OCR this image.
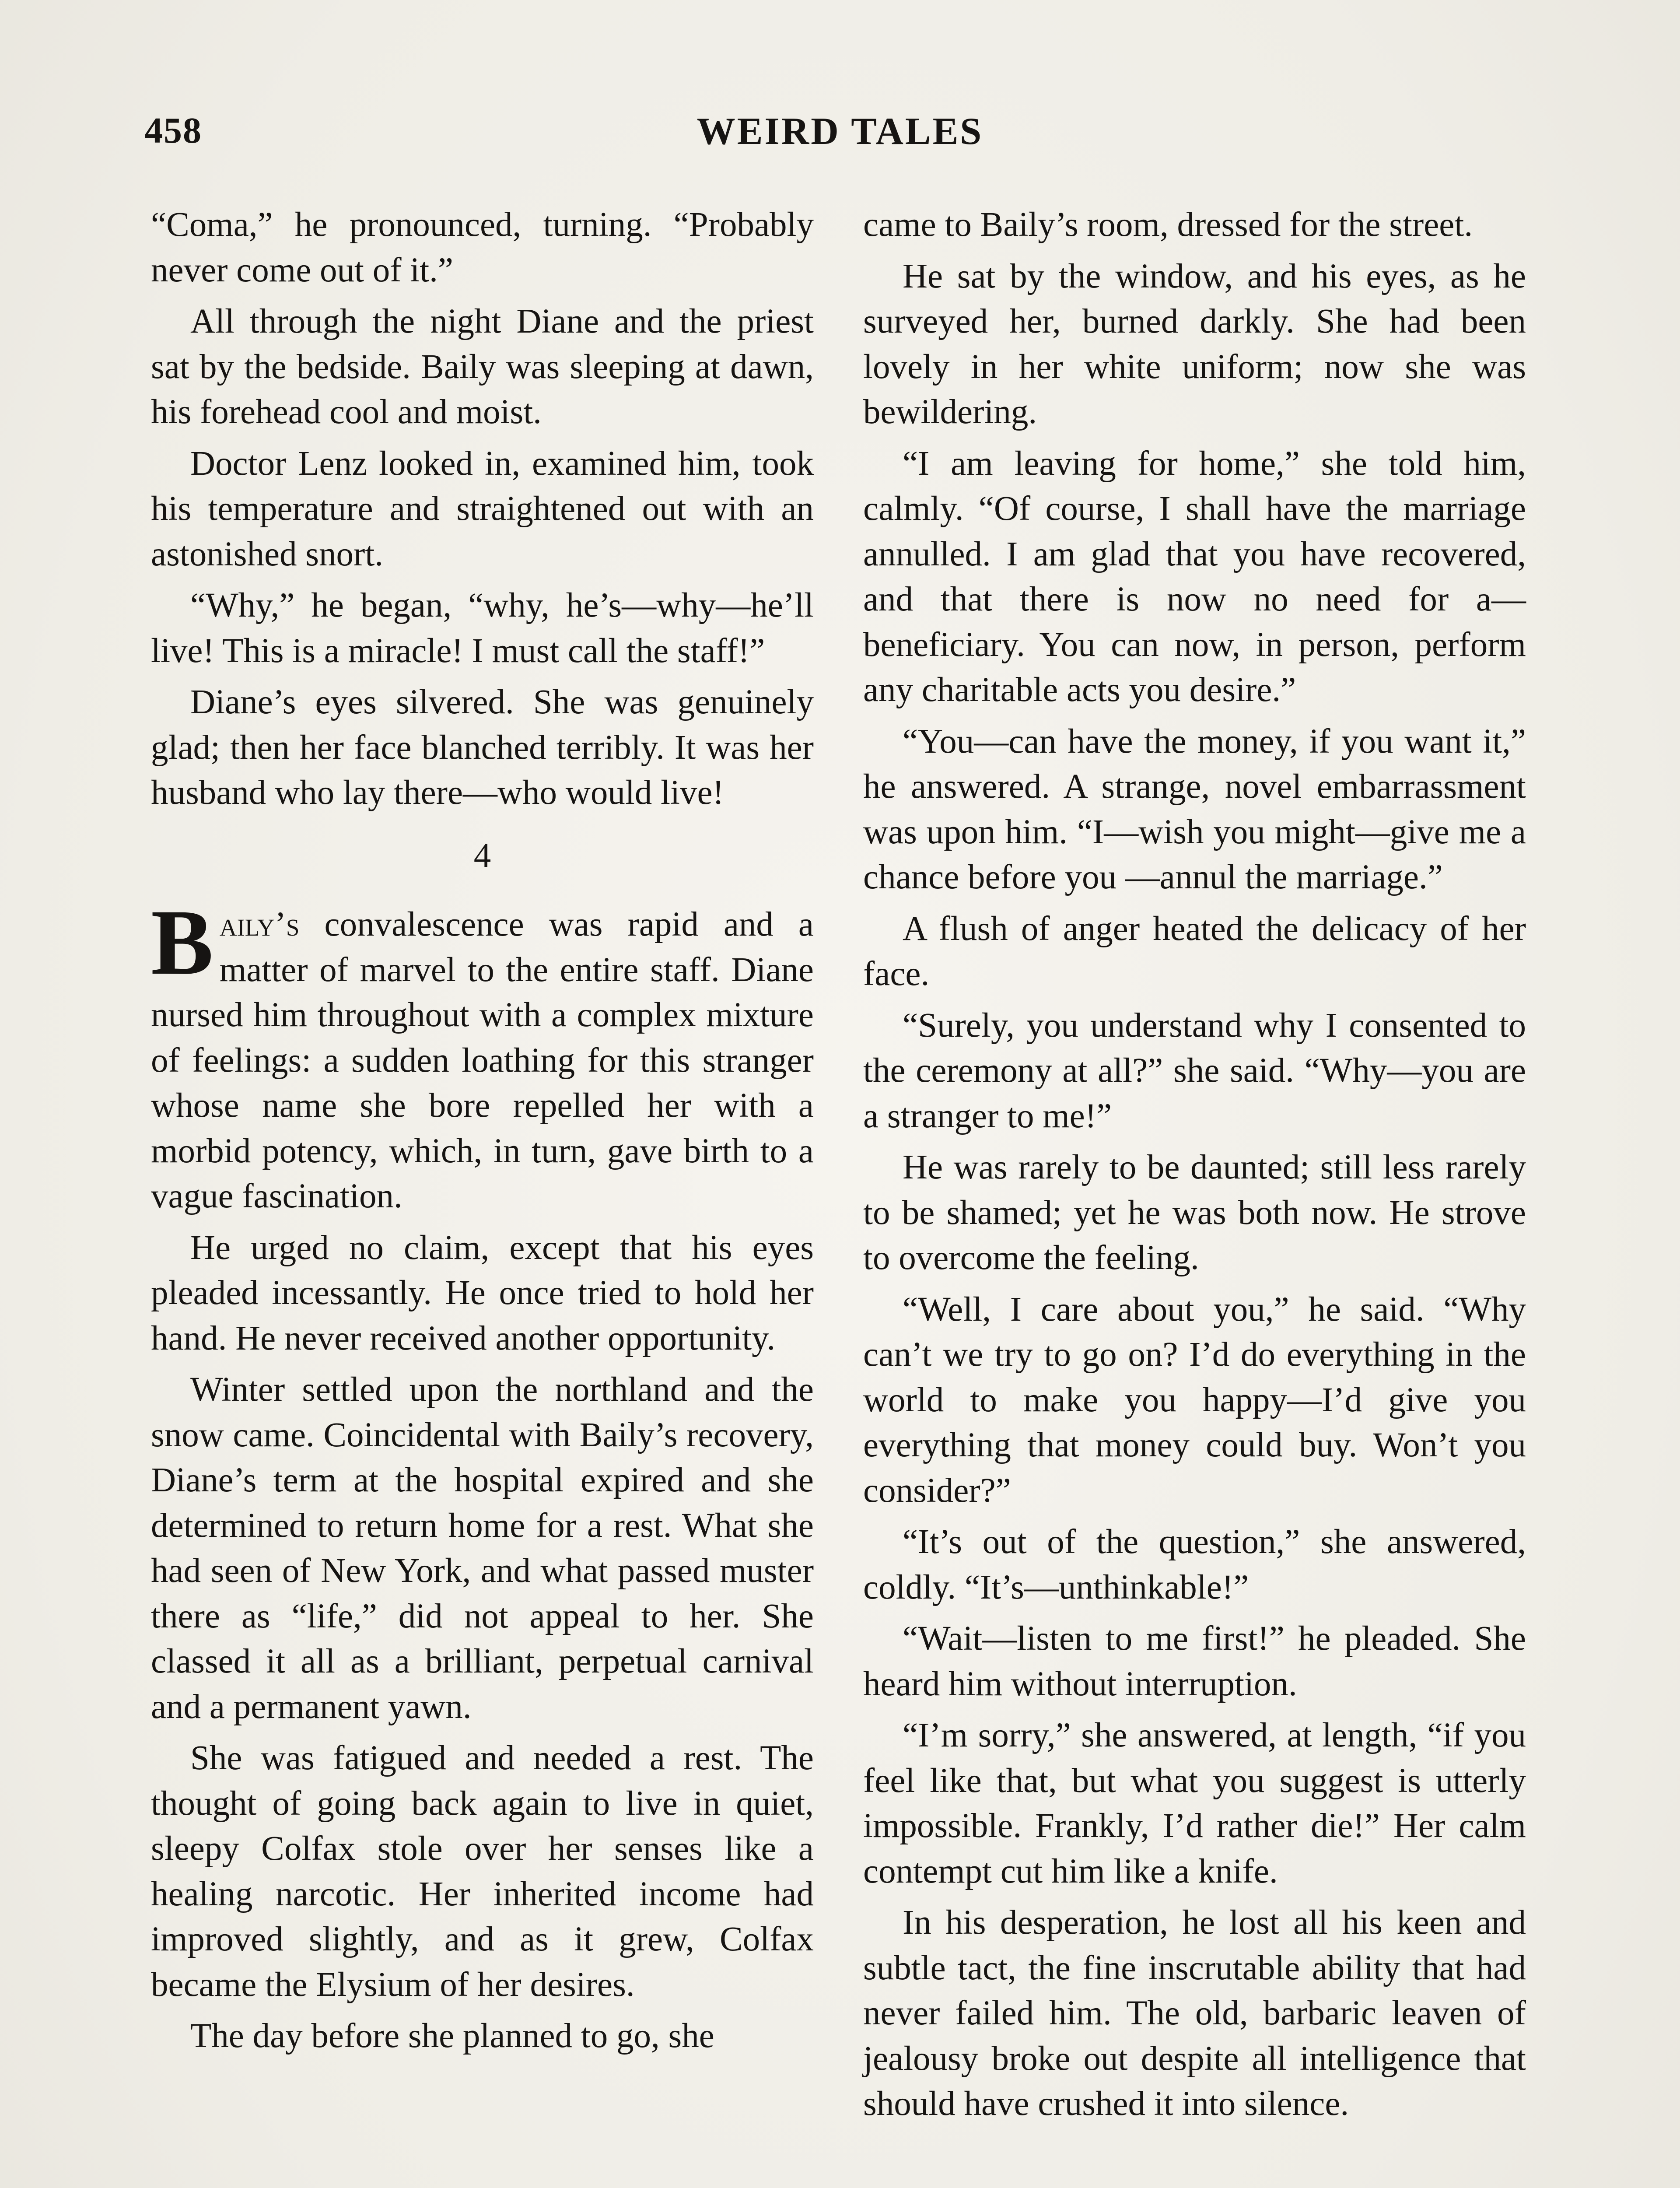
458	WEIRD TALES

“Coma,” he pronounced, turning. “Probably never come out of it.”

All through the night Diane and the priest sat by the bedside. Baily was sleeping at dawn, his forehead cool and moist.

Doctor Lenz looked in, examined him, took his temperature and straightened out with an astonished snort.

“Why,” he began, “why, he’s—why—he’ll live! This is a miracle! I must call the staff!”

Diane’s eyes silvered. She was genuinely glad; then her face blanched terribly. It was her husband who lay there—who would live!

4

Baily’s convalescence was rapid and a matter of marvel to the entire staff. Diane nursed him throughout with a complex mixture of feelings: a sudden loathing for this stranger whose name she bore repelled her with a morbid potency, which, in turn, gave birth to a vague fascination.

He urged no claim, except that his eyes pleaded incessantly. He once tried to hold her hand. He never received another opportunity.

Winter settled upon the northland and the snow came. Coincidental with Baily’s recovery, Diane’s term at the hospital expired and she determined to return home for a rest. What she had seen of New York, and what passed muster there as “life,” did not appeal to her. She classed it all as a brilliant, perpetual carnival and a permanent yawn.

She was fatigued and needed a rest. The thought of going back again to live in quiet, sleepy Colfax stole over her senses like a healing narcotic. Her inherited income had improved slightly, and as it grew, Colfax became the Elysium of her desires.

The day before she planned to go, she

came to Baily’s room, dressed for the street.

He sat by the window, and his eyes, as he surveyed her, burned darkly. She had been lovely in her white uniform; now she was bewildering.

“I am leaving for home,” she told him, calmly. “Of course, I shall have the marriage annulled. I am glad that you have recovered, and that there is now no need for a—beneficiary. You can now, in person, perform any charitable acts you desire.”

“You—can have the money, if you want it,” he answered. A strange, novel embarrassment was upon him. “I—wish you might—give me a chance before you —annul the marriage.”

A flush of anger heated the delicacy of her face.

“Surely, you understand why I consented to the ceremony at all?” she said. “Why—you are a stranger to me!”

He was rarely to be daunted; still less rarely to be shamed; yet he was both now. He strove to overcome the feeling.

“Well, I care about you,” he said. “Why can’t we try to go on? I’d do everything in the world to make you happy—I’d give you everything that money could buy. Won’t you consider?”

“It’s out of the question,” she answered, coldly. “It’s—unthinkable!”

“Wait—listen to me first!” he pleaded. She heard him without interruption.

“I’m sorry,” she answered, at length, “if you feel like that, but what you suggest is utterly impossible. Frankly, I’d rather die!” Her calm contempt cut him like a knife.

In his desperation, he lost all his keen and subtle tact, the fine inscrutable ability that had never failed him. The old, barbaric leaven of jealousy broke out despite all intelligence that should have crushed it into silence.
